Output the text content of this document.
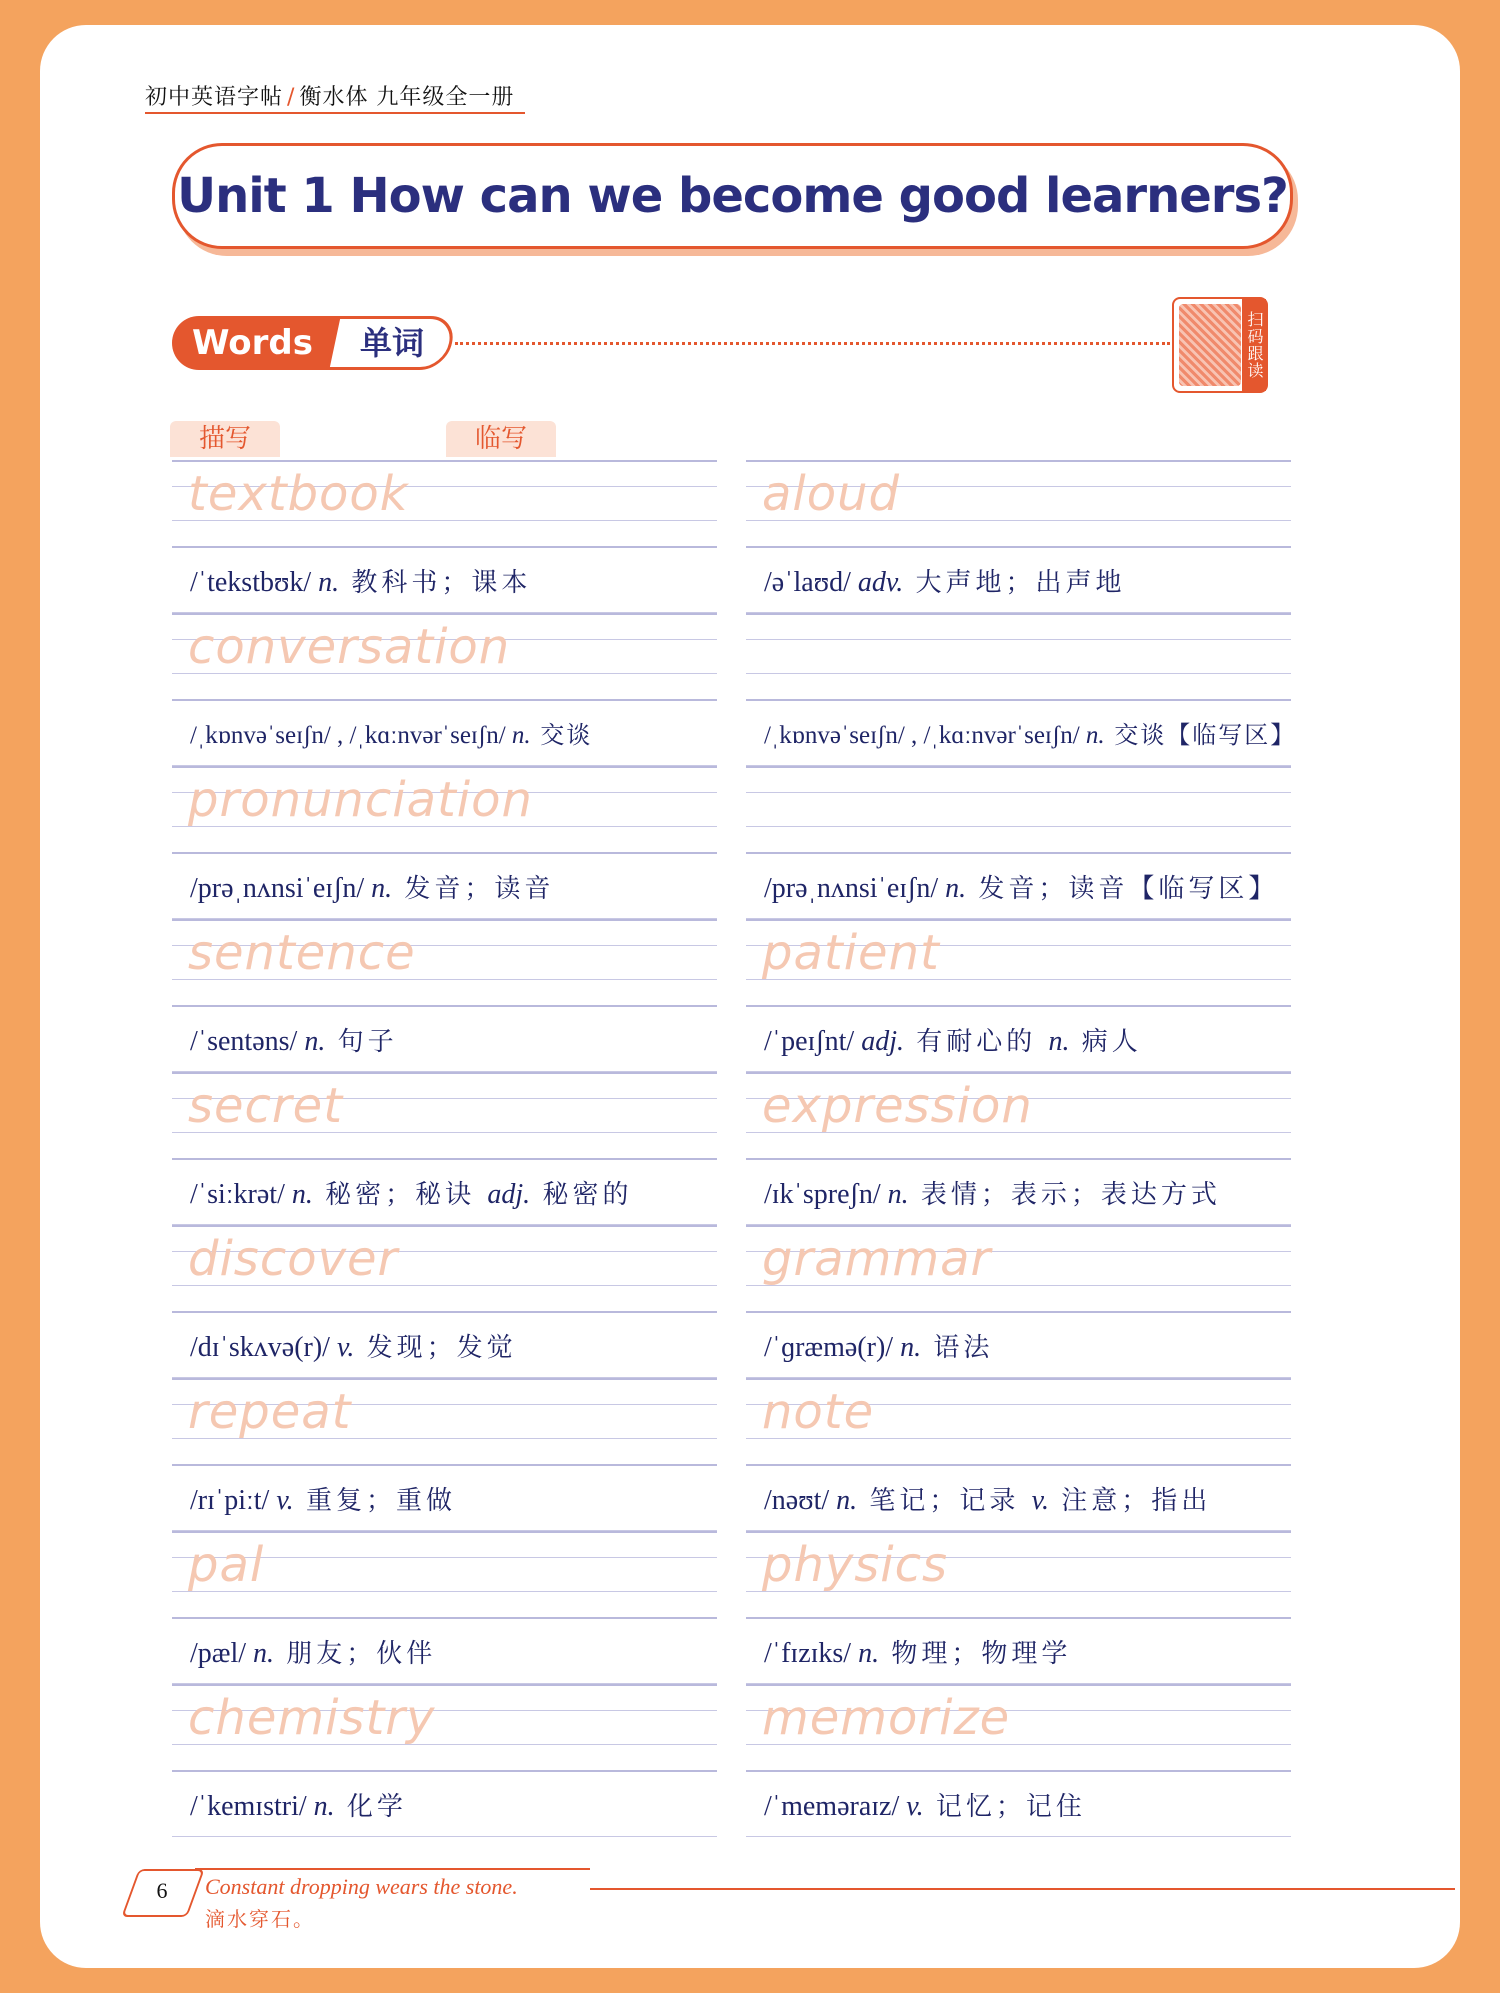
初中英语字帖 / 衡水体 九年级全一册
Unit 1 How can we become good learners?
Words	单词	扫码跟读
描写	临写
textbook
/ˈtekstbʊk/ n. 教科书；课本
conversation
/ˌkɒnvəˈseɪʃn/ , /ˌkɑːnvərˈseɪʃn/ n. 交谈
pronunciation
/prəˌnʌnsiˈeɪʃn/ n. 发音；读音
sentence
/ˈsentəns/ n. 句子
secret
/ˈsiːkrət/ n. 秘密；秘诀 adj. 秘密的
discover
/dɪˈskʌvə(r)/ v. 发现；发觉
repeat
/rɪˈpiːt/ v. 重复；重做
pal
/pæl/ n. 朋友；伙伴
chemistry
/ˈkemɪstri/ n. 化学
aloud
/əˈlaʊd/ adv. 大声地；出声地
/ˌkɒnvəˈseɪʃn/ , /ˌkɑːnvərˈseɪʃn/ n. 交谈【临写区】
/prəˌnʌnsiˈeɪʃn/ n. 发音；读音【临写区】
patient
/ˈpeɪʃnt/ adj. 有耐心的 n. 病人
expression
/ɪkˈspreʃn/ n. 表情；表示；表达方式
grammar
/ˈɡræmə(r)/ n. 语法
note
/nəʊt/ n. 笔记；记录 v. 注意；指出
physics
/ˈfɪzɪks/ n. 物理；物理学
memorize
/ˈmeməraɪz/ v. 记忆；记住
6	Constant dropping wears the stone.
滴水穿石。
